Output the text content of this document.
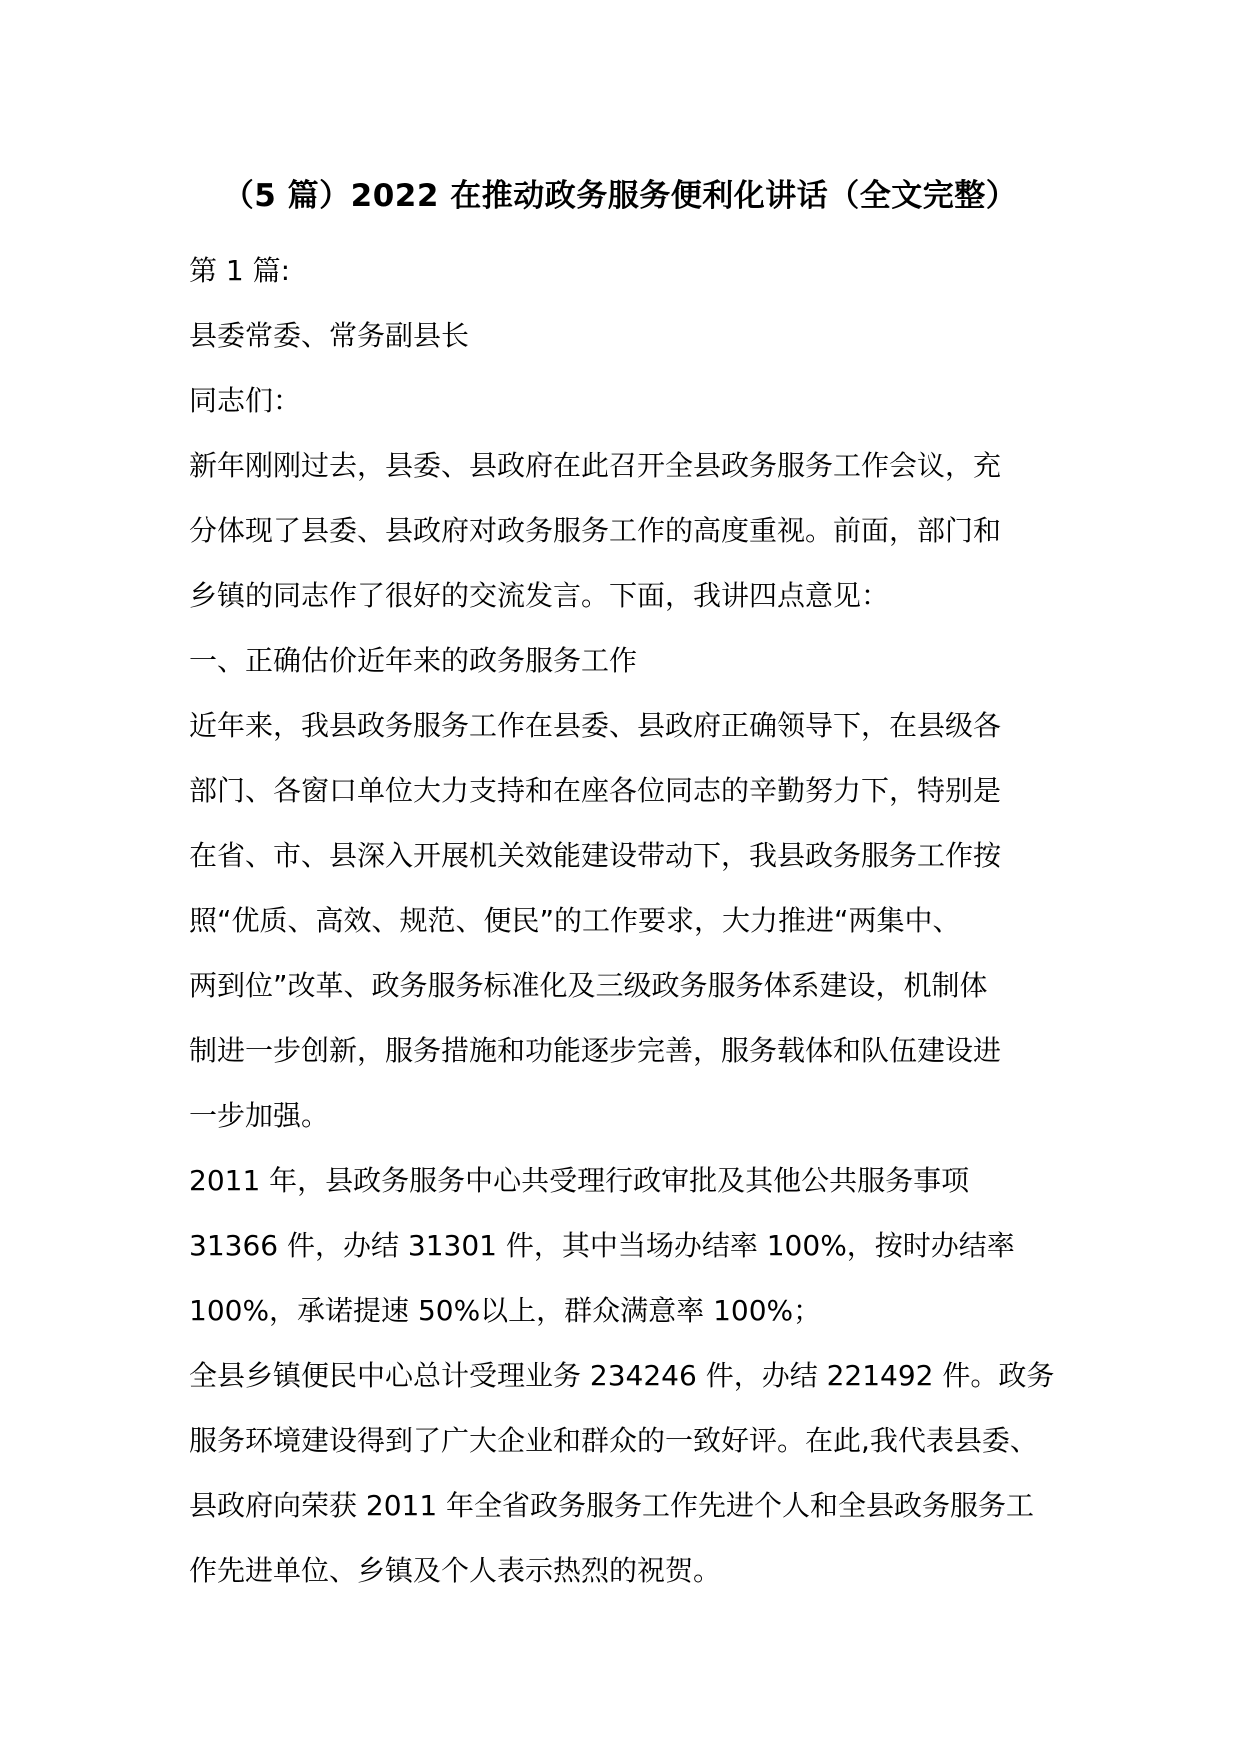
（5 篇）2022 在推动政务服务便利化讲话（全文完整）
第 1 篇:
县委常委、常务副县长
同志们：
新年刚刚过去，县委、县政府在此召开全县政务服务工作会议，充
分体现了县委、县政府对政务服务工作的高度重视。前面，部门和
乡镇的同志作了很好的交流发言。下面，我讲四点意见：
一、正确估价近年来的政务服务工作
近年来，我县政务服务工作在县委、县政府正确领导下，在县级各
部门、各窗口单位大力支持和在座各位同志的辛勤努力下，特别是
在省、市、县深入开展机关效能建设带动下，我县政务服务工作按
照“优质、高效、规范、便民”的工作要求，大力推进“两集中、
两到位”改革、政务服务标准化及三级政务服务体系建设，机制体
制进一步创新，服务措施和功能逐步完善，服务载体和队伍建设进
一步加强。
2011 年，县政务服务中心共受理行政审批及其他公共服务事项
31366 件，办结 31301 件，其中当场办结率 100%，按时办结率
100%，承诺提速 50%以上，群众满意率 100%；
全县乡镇便民中心总计受理业务 234246 件，办结 221492 件。政务
服务环境建设得到了广大企业和群众的一致好评。在此,我代表县委、
县政府向荣获 2011 年全省政务服务工作先进个人和全县政务服务工
作先进单位、乡镇及个人表示热烈的祝贺。
